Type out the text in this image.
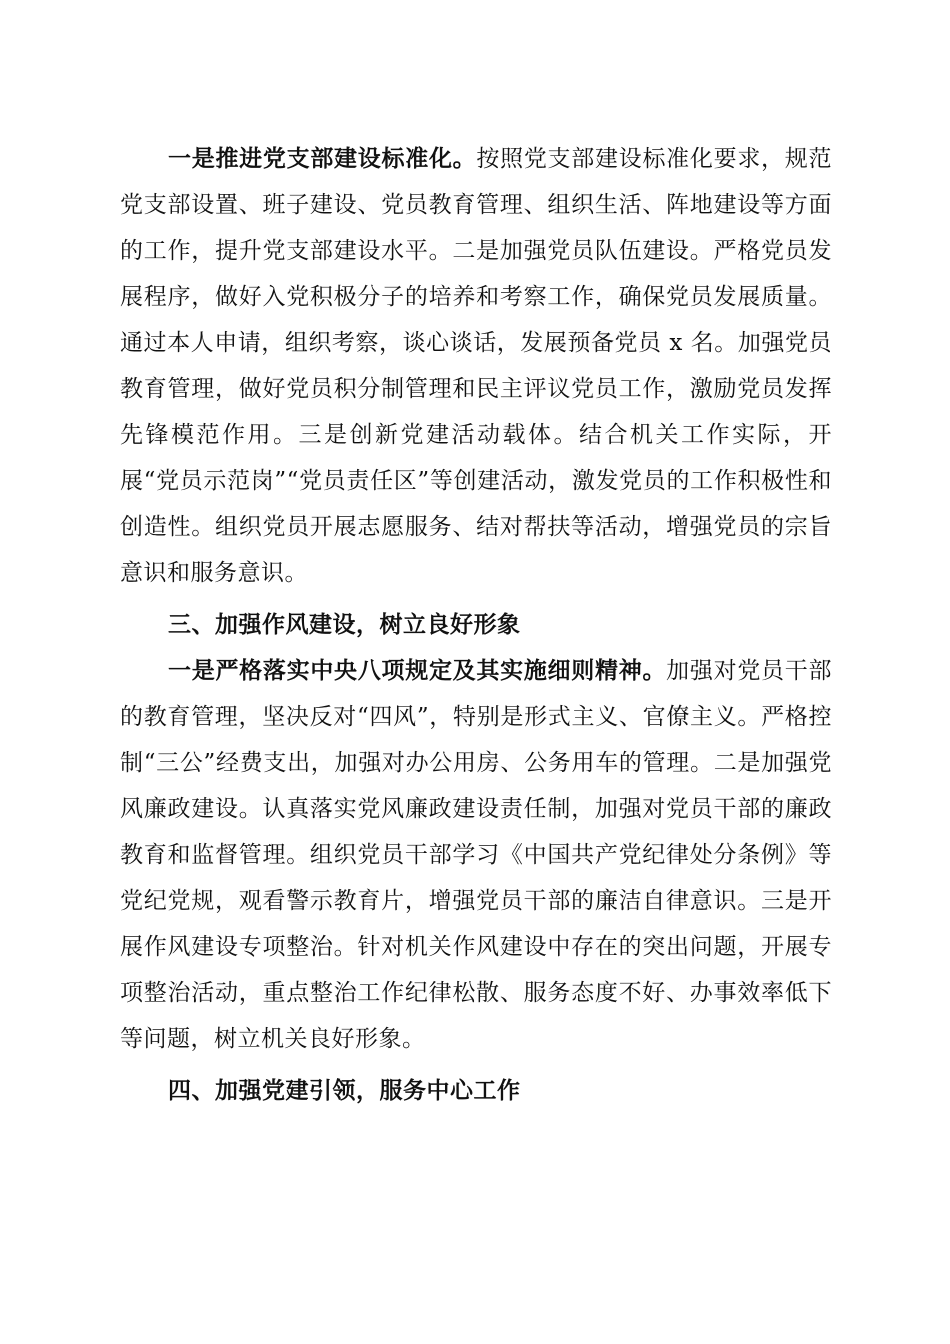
一是推进党支部建设标准化。按照党支部建设标准化要求，规范党支部设置、班子建设、党员教育管理、组织生活、阵地建设等方面的工作，提升党支部建设水平。二是加强党员队伍建设。严格党员发展程序，做好入党积极分子的培养和考察工作，确保党员发展质量。通过本人申请，组织考察，谈心谈话，发展预备党员 x 名。加强党员教育管理，做好党员积分制管理和民主评议党员工作，激励党员发挥先锋模范作用。三是创新党建活动载体。结合机关工作实际，开展“党员示范岗”“党员责任区”等创建活动，激发党员的工作积极性和创造性。组织党员开展志愿服务、结对帮扶等活动，增强党员的宗旨意识和服务意识。

三、加强作风建设，树立良好形象

一是严格落实中央八项规定及其实施细则精神。加强对党员干部的教育管理，坚决反对“四风”，特别是形式主义、官僚主义。严格控制“三公”经费支出，加强对办公用房、公务用车的管理。二是加强党风廉政建设。认真落实党风廉政建设责任制，加强对党员干部的廉政教育和监督管理。组织党员干部学习《中国共产党纪律处分条例》等党纪党规，观看警示教育片，增强党员干部的廉洁自律意识。三是开展作风建设专项整治。针对机关作风建设中存在的突出问题，开展专项整治活动，重点整治工作纪律松散、服务态度不好、办事效率低下等问题，树立机关良好形象。

四、加强党建引领，服务中心工作
